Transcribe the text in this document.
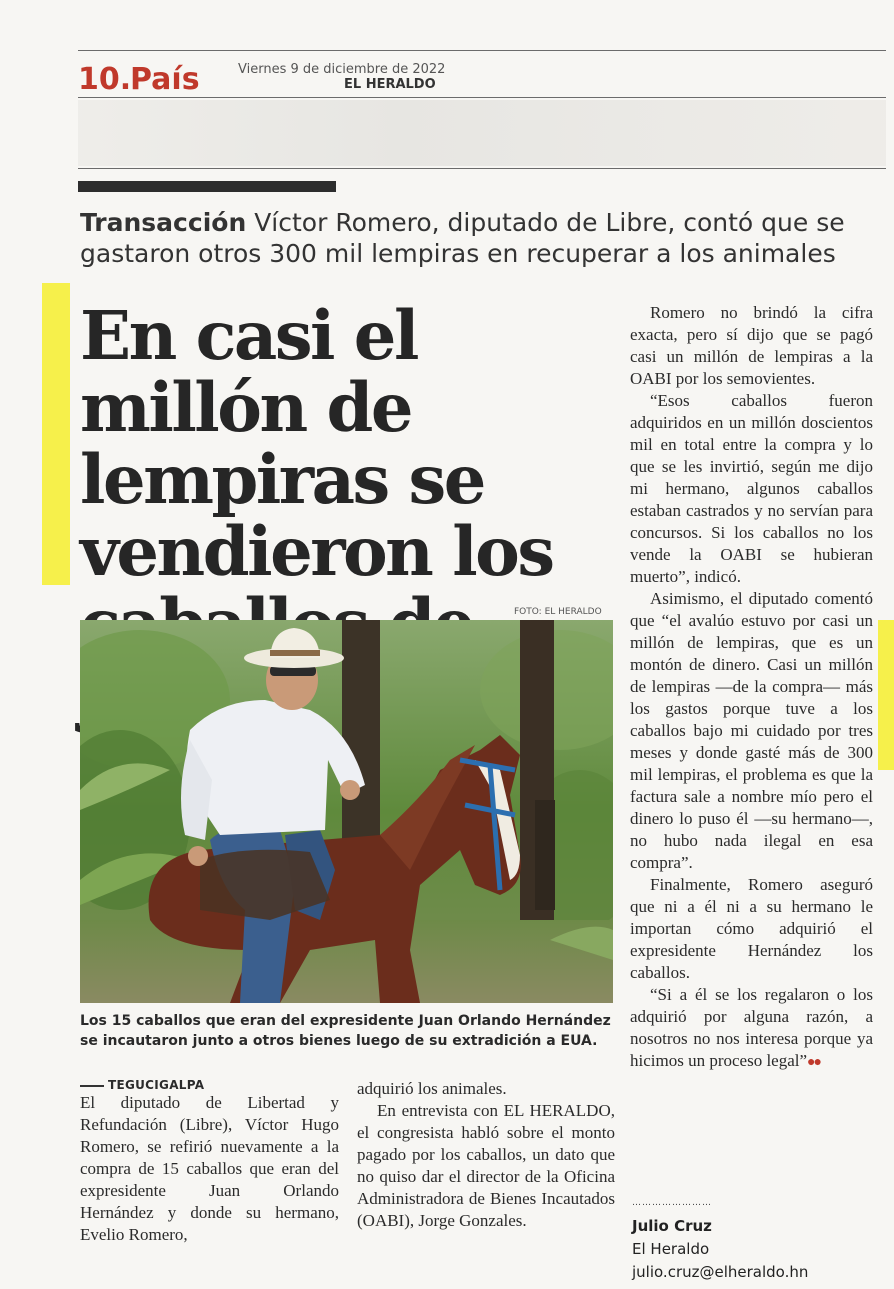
10.
País	Viernes 9 de diciembre de 2022
EL HERALDO
Transacción Víctor Romero, diputado de Libre, contó que se gastaron otros 300 mil lempiras en recuperar a los animales
En casi el millón de lempiras se vendieron los
FOTO: EL HERALDO
Los 15 caballos que eran del expresidente Juan Orlando Hernández se incautaron junto a otros bienes luego de su extradición a EUA.
TEGUCIGALPA

El diputado de Libertad y Refundación (Libre), Víctor Hugo Romero, se refirió nuevamente a la compra de 15 caballos que eran del expresidente Juan Orlando Hernández y donde su hermano, Evelio Romero,

adquirió los animales.

En entrevista con EL HERALDO, el congresista habló sobre el monto pagado por los caballos, un dato que no quiso dar el director de la Oficina Administradora de Bienes Incautados (OABI), Jorge Gonzales.

Romero no brindó la cifra exacta, pero sí dijo que se pagó casi un millón de lempiras a la OABI por los semovientes.

“Esos caballos fueron adquiridos en un millón doscientos mil en total entre la compra y lo que se les invirtió, según me dijo mi hermano, algunos caballos estaban castrados y no servían para concursos. Si los caballos no los vende la OABI se hubieran muerto”, indicó.

Asimismo, el diputado comentó que “el avalúo estuvo por casi un millón de lempiras, que es un montón de dinero. Casi un millón de lempiras —de la compra— más los gastos porque tuve a los caballos bajo mi cuidado por tres meses y donde gasté más de 300 mil lempiras, el problema es que la factura sale a nombre mío pero el dinero lo puso él —su hermano—, no hubo nada ilegal en esa compra”.

Finalmente, Romero aseguró que ni a él ni a su hermano le importan cómo adquirió el expresidente Hernández los caballos.

“Si a él se los regalaron o los adquirió por alguna razón, a nosotros no nos interesa porque ya hicimos un proceso legal”●●

……………………
Julio Cruz
El Heraldo
julio.cruz@elheraldo.hn
